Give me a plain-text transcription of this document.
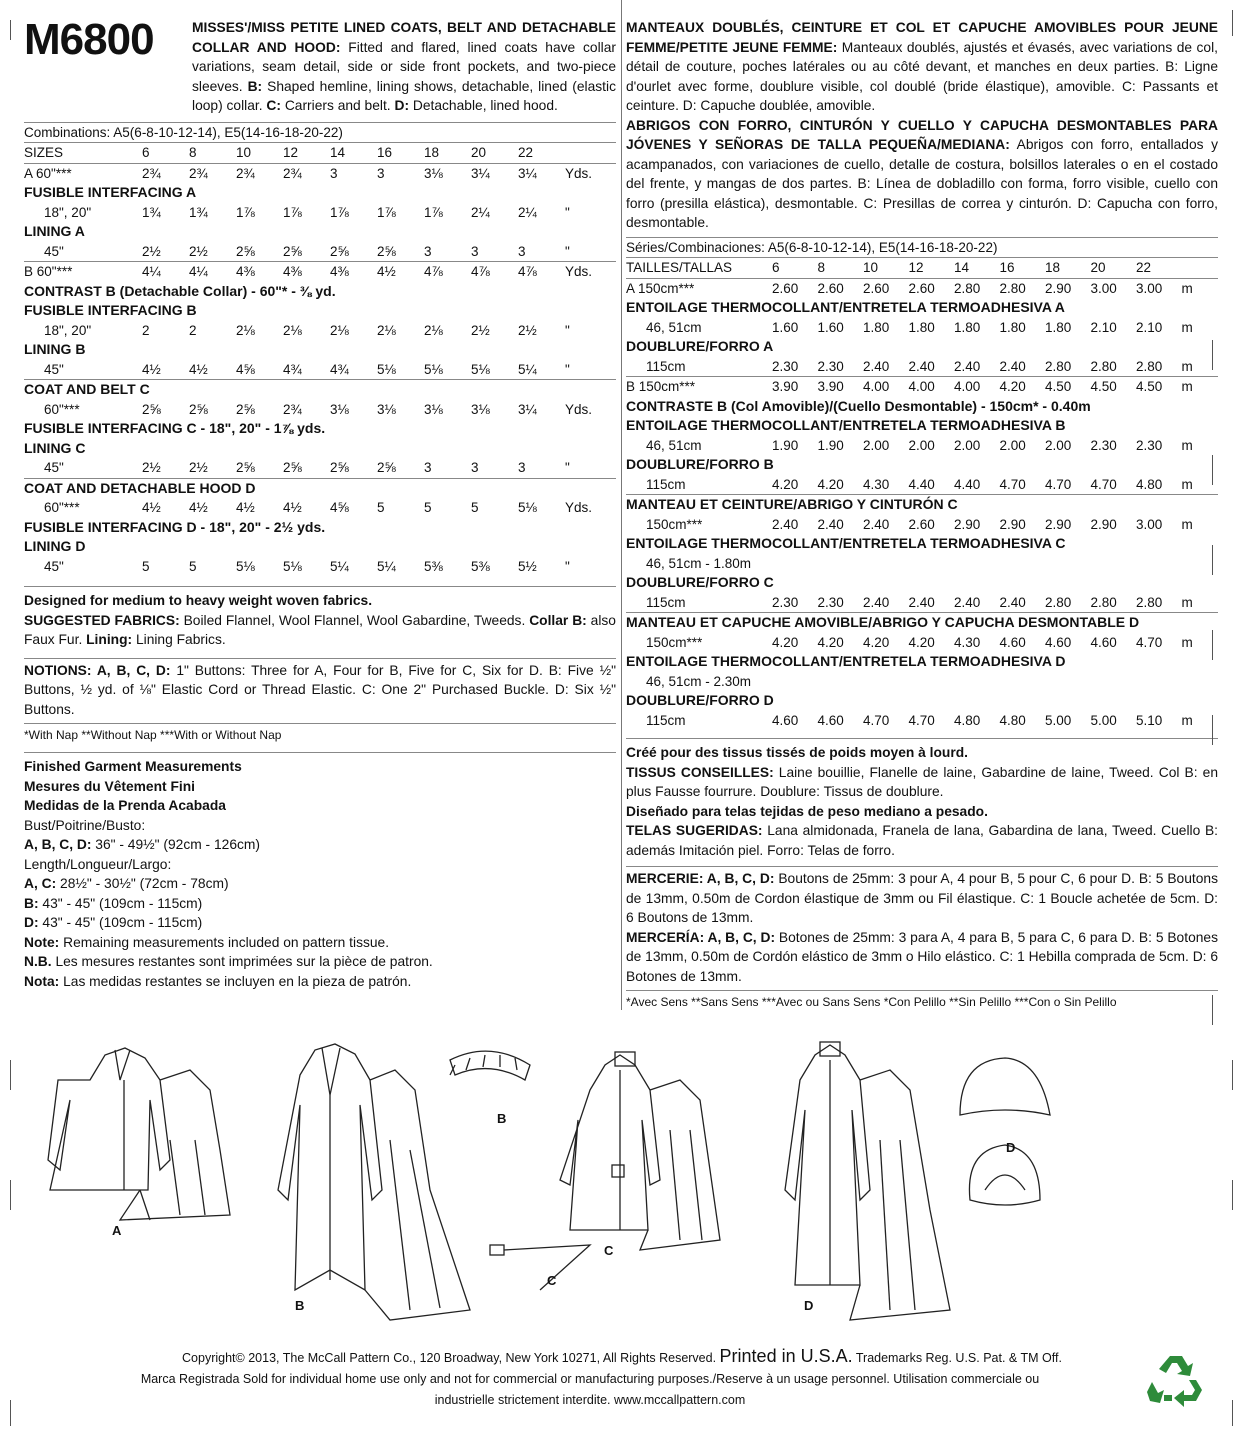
M6800	MISSES'/MISS PETITE LINED COATS, BELT AND DETACHABLE COLLAR AND HOOD: Fitted and flared, lined coats have collar variations, seam detail, side or side front pockets, and two-piece sleeves. B: Shaped hemline, lining shows, detachable, lined (elastic loop) collar. C: Carriers and belt. D: Detachable, lined hood.
Combinations: A5(6-8-10-12-14), E5(14-16-18-20-22)
SIZES	6	8	10	12	14	16	18	20	22
A 60"***	2¾	2¾	2¾	2¾	3	3	3⅛	3¼	3¼	Yds.
FUSIBLE INTERFACING A
18", 20"	1¾	1¾	1⅞	1⅞	1⅞	1⅞	1⅞	2¼	2¼	"
LINING A
45"	2½	2½	2⅝	2⅝	2⅝	2⅝	3	3	3	"
B 60"***	4¼	4¼	4⅜	4⅜	4⅜	4½	4⅞	4⅞	4⅞	Yds.
CONTRAST B (Detachable Collar) - 60"* - ⅜ yd.
FUSIBLE INTERFACING B
18", 20"	2	2	2⅛	2⅛	2⅛	2⅛	2⅛	2½	2½	"
LINING B
45"	4½	4½	4⅝	4¾	4¾	5⅛	5⅛	5⅛	5¼	"
COAT AND BELT C
60"***	2⅝	2⅝	2⅝	2¾	3⅛	3⅛	3⅛	3⅛	3¼	Yds.
FUSIBLE INTERFACING C - 18", 20" - 1⅞ yds.
LINING C
45"	2½	2½	2⅝	2⅝	2⅝	2⅝	3	3	3	"
COAT AND DETACHABLE HOOD D
60"***	4½	4½	4½	4½	4⅝	5	5	5	5⅛	Yds.
FUSIBLE INTERFACING D - 18", 20" - 2½ yds.
LINING D
45"	5	5	5⅛	5⅛	5¼	5¼	5⅜	5⅜	5½	"
Designed for medium to heavy weight woven fabrics.
SUGGESTED FABRICS: Boiled Flannel, Wool Flannel, Wool Gabardine, Tweeds. Collar B: also Faux Fur. Lining: Lining Fabrics.
NOTIONS: A, B, C, D: 1" Buttons: Three for A, Four for B, Five for C, Six for D. B: Five ½" Buttons, ½ yd. of ⅛" Elastic Cord or Thread Elastic. C: One 2" Purchased Buckle. D: Six ½" Buttons.
*With Nap **Without Nap ***With or Without Nap
Finished Garment Measurements
Mesures du Vêtement Fini
Medidas de la Prenda Acabada
Bust/Poitrine/Busto:
A, B, C, D: 36" - 49½" (92cm - 126cm)
Length/Longueur/Largo:
A, C: 28½" - 30½" (72cm - 78cm)
B: 43" - 45" (109cm - 115cm)
D: 43" - 45" (109cm - 115cm)
Note: Remaining measurements included on pattern tissue.
N.B. Les mesures restantes sont imprimées sur la pièce de patron.
Nota: Las medidas restantes se incluyen en la pieza de patrón.
MANTEAUX DOUBLÉS, CEINTURE ET COL ET CAPUCHE AMOVIBLES POUR JEUNE FEMME/PETITE JEUNE FEMME: Manteaux doublés, ajustés et évasés, avec variations de col, détail de couture, poches latérales ou au côté devant, et manches en deux parties. B: Ligne d'ourlet avec forme, doublure visible, col doublé (bride élastique), amovible. C: Passants et ceinture. D: Capuche doublée, amovible.
ABRIGOS CON FORRO, CINTURÓN Y CUELLO Y CAPUCHA DESMONTABLES PARA JÓVENES Y SEÑORAS DE TALLA PEQUEÑA/MEDIANA: Abrigos con forro, entallados y acampanados, con variaciones de cuello, detalle de costura, bolsillos laterales o en el costado del frente, y mangas de dos partes. B: Línea de dobladillo con forma, forro visible, cuello con forro (presilla elástica), desmontable. C: Presillas de correa y cinturón. D: Capucha con forro, desmontable.
Séries/Combinaciones: A5(6-8-10-12-14), E5(14-16-18-20-22)
TAILLES/TALLAS	6	8	10	12	14	16	18	20	22
A 150cm***	2.60	2.60	2.60	2.60	2.80	2.80	2.90	3.00	3.00	m
ENTOILAGE THERMOCOLLANT/ENTRETELA TERMOADHESIVA A
46, 51cm	1.60	1.60	1.80	1.80	1.80	1.80	1.80	2.10	2.10	m
DOUBLURE/FORRO A
115cm	2.30	2.30	2.40	2.40	2.40	2.40	2.80	2.80	2.80	m
B 150cm***	3.90	3.90	4.00	4.00	4.00	4.20	4.50	4.50	4.50	m
CONTRASTE B (Col Amovible)/(Cuello Desmontable) - 150cm* - 0.40m
ENTOILAGE THERMOCOLLANT/ENTRETELA TERMOADHESIVA B
46, 51cm	1.90	1.90	2.00	2.00	2.00	2.00	2.00	2.30	2.30	m
DOUBLURE/FORRO B
115cm	4.20	4.20	4.30	4.40	4.40	4.70	4.70	4.70	4.80	m
MANTEAU ET CEINTURE/ABRIGO Y CINTURÓN C
150cm***	2.40	2.40	2.40	2.60	2.90	2.90	2.90	2.90	3.00	m
ENTOILAGE THERMOCOLLANT/ENTRETELA TERMOADHESIVA C
46, 51cm - 1.80m
DOUBLURE/FORRO C
115cm	2.30	2.30	2.40	2.40	2.40	2.40	2.80	2.80	2.80	m
MANTEAU ET CAPUCHE AMOVIBLE/ABRIGO Y CAPUCHA DESMONTABLE D
150cm***	4.20	4.20	4.20	4.20	4.30	4.60	4.60	4.60	4.70	m
ENTOILAGE THERMOCOLLANT/ENTRETELA TERMOADHESIVA D
46, 51cm - 2.30m
DOUBLURE/FORRO D
115cm	4.60	4.60	4.70	4.70	4.80	4.80	5.00	5.00	5.10	m
Créé pour des tissus tissés de poids moyen à lourd.
TISSUS CONSEILLES: Laine bouillie, Flanelle de laine, Gabardine de laine, Tweed. Col B: en plus Fausse fourrure. Doublure: Tissus de doublure.
Diseñado para telas tejidas de peso mediano a pesado.
TELAS SUGERIDAS: Lana almidonada, Franela de lana, Gabardina de lana, Tweed. Cuello B: además Imitación piel. Forro: Telas de forro.
MERCERIE: A, B, C, D: Boutons de 25mm: 3 pour A, 4 pour B, 5 pour C, 6 pour D. B: 5 Boutons de 13mm, 0.50m de Cordon élastique de 3mm ou Fil élastique. C: 1 Boucle achetée de 5cm. D: 6 Boutons de 13mm.
MERCERÍA: A, B, C, D: Botones de 25mm: 3 para A, 4 para B, 5 para C, 6 para D. B: 5 Botones de 13mm, 0.50m de Cordón elástico de 3mm o Hilo elástico. C: 1 Hebilla comprada de 5cm. D: 6 Botones de 13mm.
*Avec Sens **Sans Sens ***Avec ou Sans Sens *Con Pelillo **Sin Pelillo ***Con o Sin Pelillo
A
B
B
C
C
D
D
Copyright© 2013, The McCall Pattern Co., 120 Broadway, New York 10271, All Rights Reserved. Printed in U.S.A. Trademarks Reg. U.S. Pat. & TM Off.
Marca Registrada Sold for individual home use only and not for commercial or manufacturing purposes./Reserve à un usage personnel. Utilisation commerciale ou
industrielle strictement interdite. www.mccallpattern.com
